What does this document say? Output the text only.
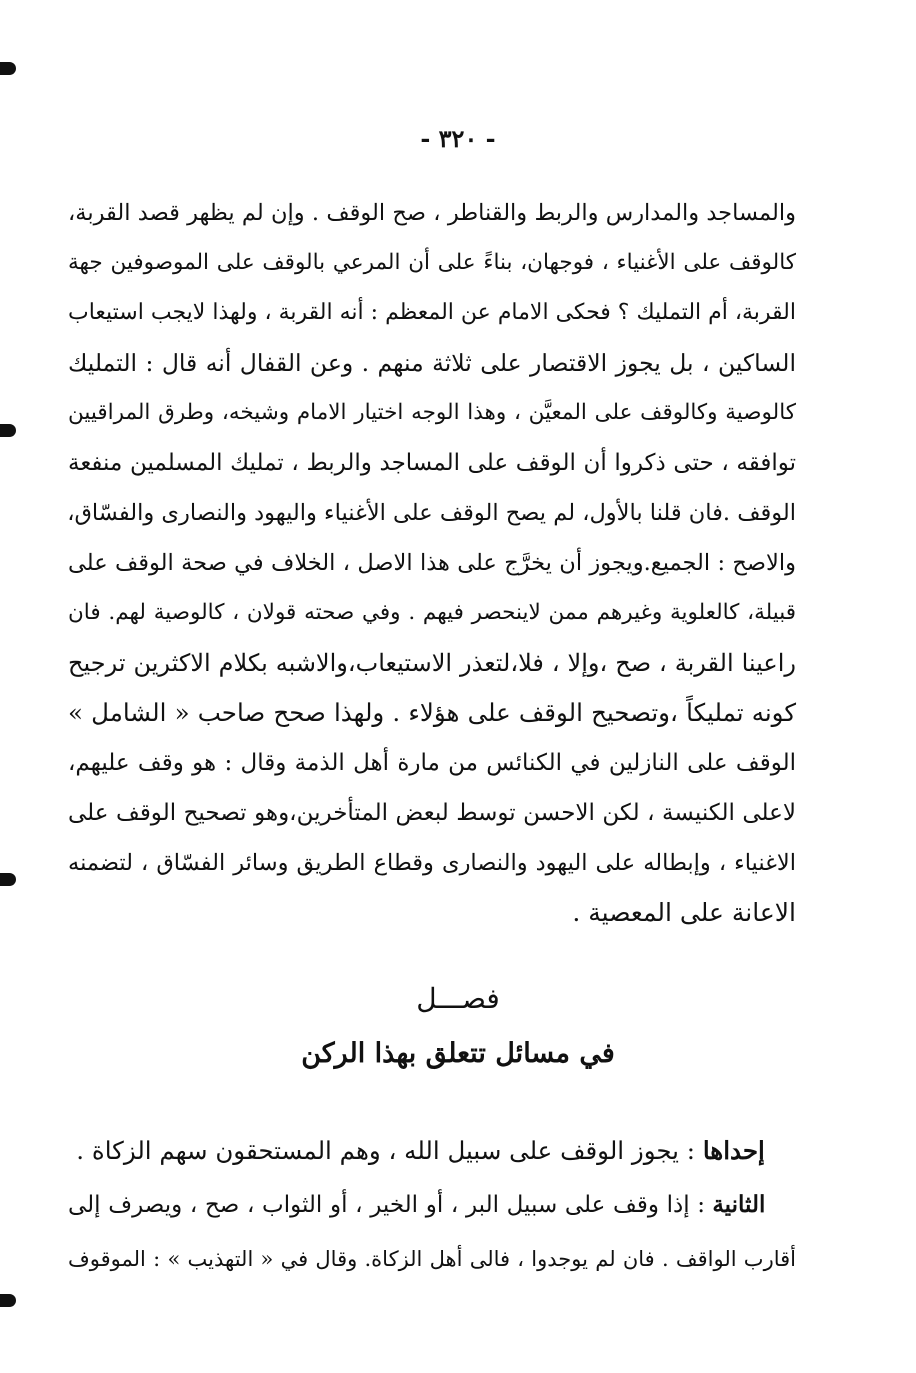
- ٣٢٠ -
والمساجد والمدارس والربط والقناطر ، صح الوقف . وإن لم يظهر قصد القربة،
كالوقف على الأغنياء ، فوجهان، بناءً على أن المرعي بالوقف على الموصوفين جهة
القربة، أم التمليك ؟ فحكى الامام عن المعظم : أنه القربة ، ولهذا لايجب استيعاب
الساكين ، بل يجوز الاقتصار على ثلاثة منهم . وعن القفال أنه قال : التمليك
كالوصية وكالوقف على المعيَّن ، وهذا الوجه اختيار الامام وشيخه، وطرق المراقيين
توافقه ، حتى ذكروا أن الوقف على المساجد والربط ، تمليك المسلمين منفعة
الوقف .فان قلنا بالأول، لم يصح الوقف على الأغنياء واليهود والنصارى والفسّاق،
والاصح : الجميع.ويجوز أن يخرَّج على هذا الاصل ، الخلاف في صحة الوقف على
قبيلة، كالعلوية وغيرهم ممن لاينحصر فيهم . وفي صحته قولان ، كالوصية لهم. فان
راعينا القربة ، صح ،وإلا ، فلا،لتعذر الاستيعاب،والاشبه بكلام الاكثرين ترجيح
كونه تمليكاً ،وتصحيح الوقف على هؤلاء . ولهذا صحح صاحب « الشامل »
الوقف على النازلين في الكنائس من مارة أهل الذمة وقال : هو وقف عليهم،
لاعلى الكنيسة ، لكن الاحسن توسط لبعض المتأخرين،وهو تصحيح الوقف على
الاغنياء ، وإبطاله على اليهود والنصارى وقطاع الطريق وسائر الفسّاق ، لتضمنه
الاعانة على المعصية .
فصـــل
في مسائل تتعلق بهذا الركن
إحداها : يجوز الوقف على سبيل الله ، وهم المستحقون سهم الزكاة .
الثانية : إذا وقف على سبيل البر ، أو الخير ، أو الثواب ، صح ، ويصرف إلى
أقارب الواقف . فان لم يوجدوا ، فالى أهل الزكاة. وقال في « التهذيب » : الموقوف
